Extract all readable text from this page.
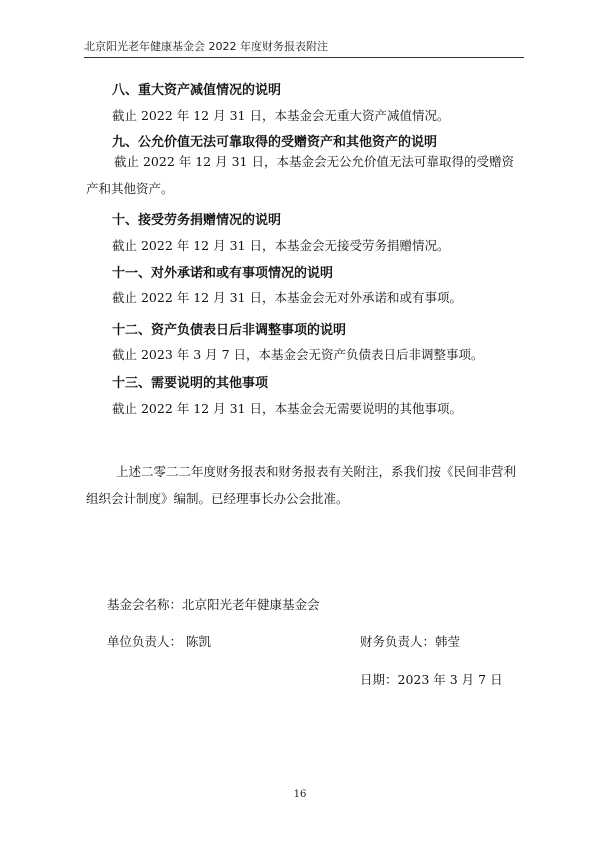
北京阳光老年健康基金会 2022 年度财务报表附注
八、重大资产减值情况的说明
截止 2022 年 12 月 31 日，本基金会无重大资产减值情况。
九、公允价值无法可靠取得的受赠资产和其他资产的说明
截止 2022 年 12 月 31 日，本基金会无公允价值无法可靠取得的受赠资产和其他资产。
十、接受劳务捐赠情况的说明
截止 2022 年 12 月 31 日，本基金会无接受劳务捐赠情况。
十一、对外承诺和或有事项情况的说明
截止 2022 年 12 月 31 日，本基金会无对外承诺和或有事项。
十二、资产负债表日后非调整事项的说明
截止 2023 年 3 月 7 日，本基金会无资产负债表日后非调整事项。
十三、需要说明的其他事项
截止 2022 年 12 月 31 日，本基金会无需要说明的其他事项。
上述二零二二年度财务报表和财务报表有关附注，系我们按《民间非营利组织会计制度》编制。已经理事长办公会批准。
基金会名称：北京阳光老年健康基金会
单位负责人： 陈凯	财务负责人：韩莹
日期：2023 年 3 月 7 日
16
